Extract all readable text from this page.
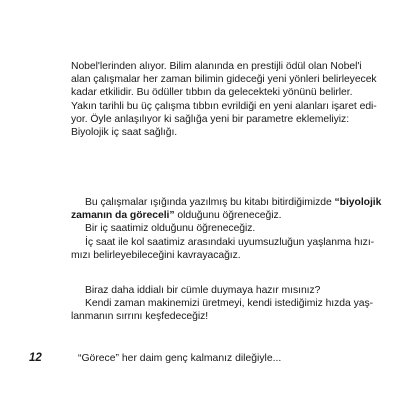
Nobel'lerinden alıyor. Bilim alanında en prestijli ödül olan Nobel'i
alan çalışmalar her zaman bilimin gideceği yeni yönleri belirleyecek
kadar etkilidir. Bu ödüller tıbbın da gelecekteki yönünü belirler.
Yakın tarihli bu üç çalışma tıbbın evrildiği en yeni alanları işaret edi-
yor. Öyle anlaşılıyor ki sağlığa yeni bir parametre eklemeliyiz:
Biyolojik iç saat sağlığı.
Bu çalışmalar ışığında yazılmış bu kitabı bitirdiğimizde “biyolojik
zamanın da göreceli” olduğunu öğreneceğiz.
Bir iç saatimiz olduğunu öğreneceğiz.
İç saat ile kol saatimiz arasındaki uyumsuzluğun yaşlanma hızı-
mızı belirleyebileceğini kavrayacağız.
Biraz daha iddialı bir cümle duymaya hazır mısınız?
Kendi zaman makinemizi üretmeyi, kendi istediğimiz hızda yaş-
lanmanın sırrını keşfedeceğiz!
12	“Görece” her daim genç kalmanız dileğiyle...
